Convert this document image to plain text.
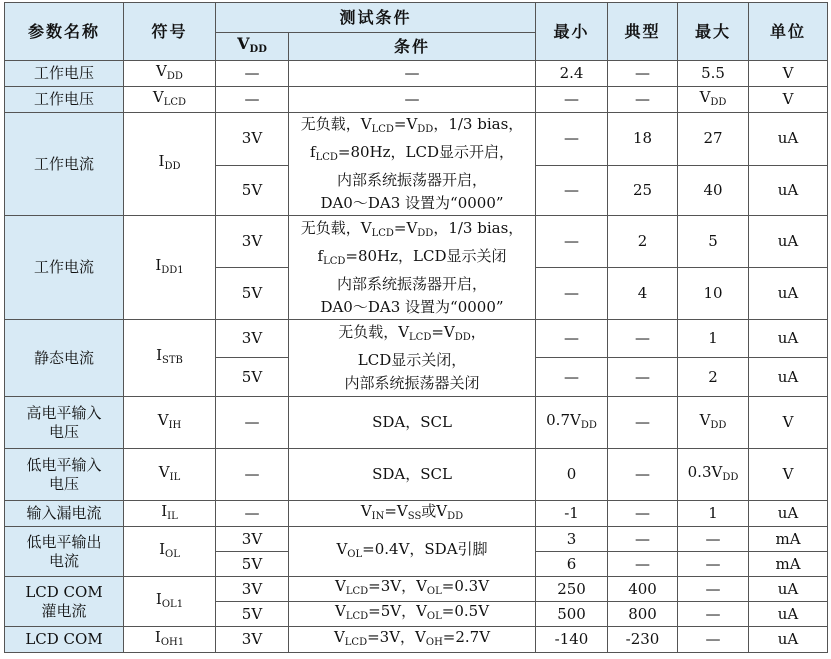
参数名称	符号	测试条件		最小	典型	最大	单位
		$V_{DD}$	条件				
工作电压	$V_{DD}$	—	—	2.4	—	5.5	V
工作电压	$V_{LCD}$	—	—	—	—	$V_{DD}$	V
工作电流	$I_{DD}$	3V	无负载，$V_{LCD}=V_{DD}$，1/3 bias，
$f_{LCD}=80Hz$，LCD显示开启，
内部系统振荡器开启，
DA0～DA3 设置为“0000”	—	18	27	uA
		5V		—	25	40	uA
工作电流	$I_{DD1}$	3V	无负载，$V_{LCD}=V_{DD}$，1/3 bias，
$f_{LCD}=80Hz$，LCD显示关闭
内部系统振荡器开启，
DA0～DA3 设置为“0000”	—	2	5	uA
		5V		—	4	10	uA
静态电流	$I_{STB}$	3V	无负载，$V_{LCD}=V_{DD}$，
LCD显示关闭，
内部系统振荡器关闭	—	—	1	uA
		5V		—	—	2	uA

高电平输入
电压	$V_{IH}$	—	SDA，SCL	$0.7V_{DD}$	—	$V_{DD}$	V

低电平输入
电压	$V_{IL}$	—	SDA，SCL	0	—	$0.3V_{DD}$	V
输入漏电流	$I_{IL}$	—	$V_{IN}=V_{SS}$或$V_{DD}$	-1	—	1	uA

低电平输出
电流	$I_{OL}$	3V	$V_{OL}=0.4V$，SDA引脚	3	—	—	mA
		5V		6	—	—	mA

LCD COM
灌电流	$I_{OL1}$	3V	$V_{LCD}=3V$，$V_{OL}=0.3V$	250	400	—	uA
		5V	$V_{LCD}=5V$，$V_{OL}=0.5V$	500	800	—	uA
LCD COM	$I_{OH1}$	3V	$V_{LCD}=3V$，$V_{OH}=2.7V$	-140	-230	—	uA
